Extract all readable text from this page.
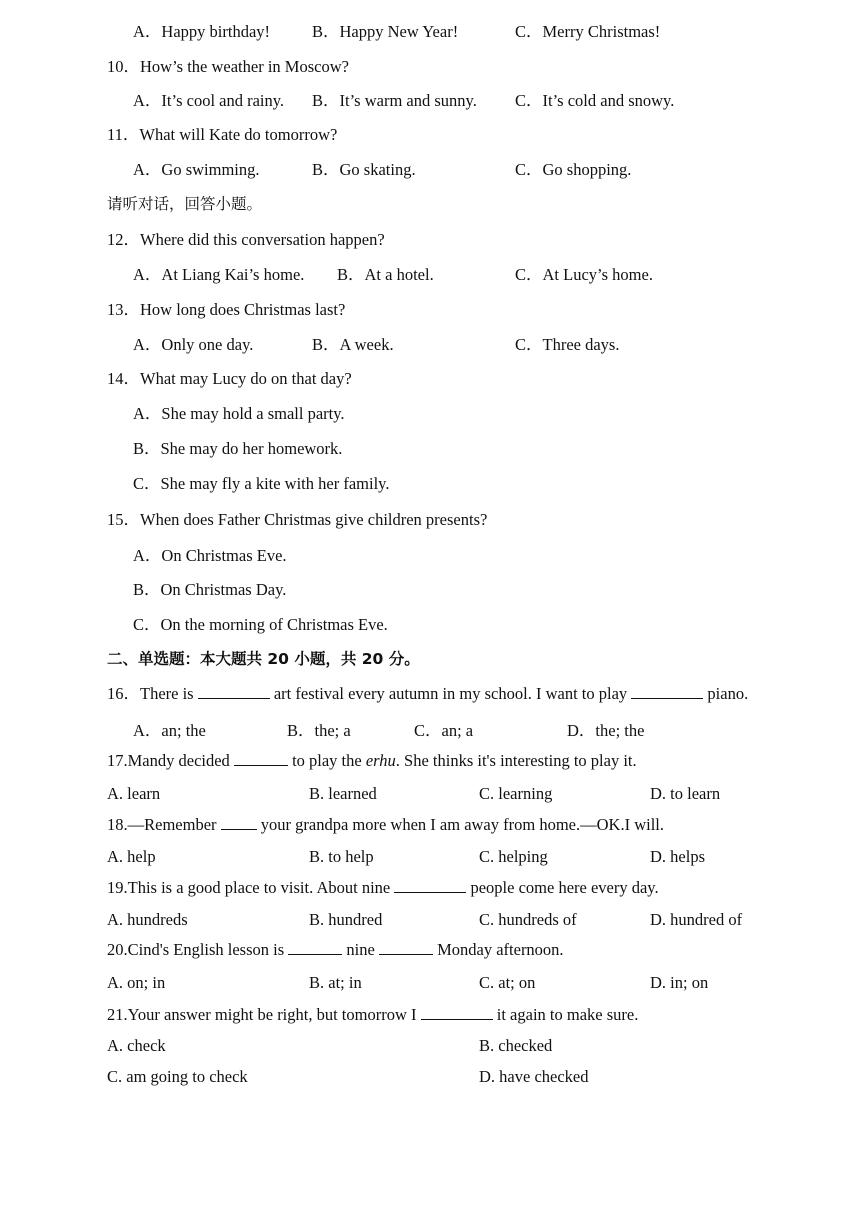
A．Happy birthday!	B．Happy New Year!	C．Merry Christmas!
10．How’s the weather in Moscow?
A．It’s cool and rainy. B．It’s warm and sunny. C．It’s cold and snowy.
11．What will Kate do tomorrow?
A．Go swimming.	B．Go skating.	C．Go shopping.
请听对话，回答小题。
12．Where did this conversation happen?
A．At Liang Kai’s home. B．At a hotel.	C．At Lucy’s home.
13．How long does Christmas last?
A．Only one day.	B．A week.	C．Three days.
14．What may Lucy do on that day?
A．She may hold a small party.
B．She may do her homework.
C．She may fly a kite with her family.
15．When does Father Christmas give children presents?
A．On Christmas Eve.
B．On Christmas Day.
C．On the morning of Christmas Eve.
二、单选题：本大题共 20 小题，共 20 分。
16．There is	art festival every autumn in my school. I want to play	piano.
A．an; the	B．the; a	C．an; a	D．the; the
17.Mandy decided	to play the erhu. She thinks it's interesting to play it.
A. learn	B. learned	C. learning	D. to learn
18.—Remember  your grandpa more when I am away from home.—OK.I will.
A. help	B. to help	C. helping	D. helps
19.This is a good place to visit. About nine	people come here every day.
A. hundreds	B. hundred	C. hundreds of	D. hundred of
20.Cind's English lesson is	nine	Monday afternoon.
A. on; in	B. at; in	C. at; on	D. in; on
21.Your answer might be right, but tomorrow I	it again to make sure.
A. check	B. checked
C. am going to check	D. have checked
